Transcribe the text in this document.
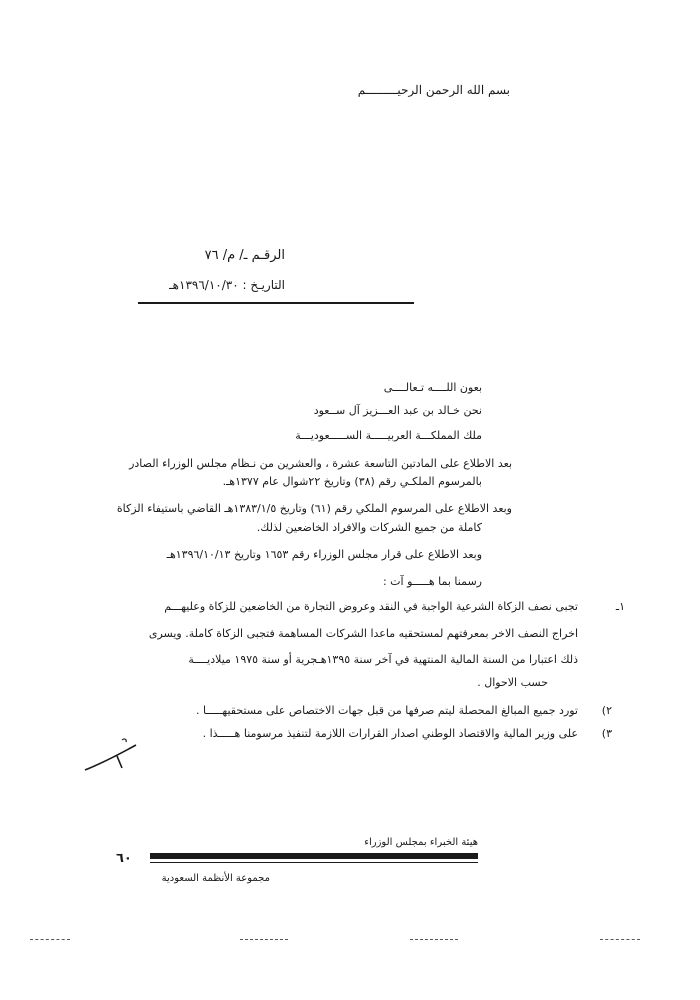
بسم الله الرحمن الرحيـــــــــم
الرقـم ـ/ م/ ٧٦
التاريـخ : ١٣٩٦/١٠/٣٠هـ
بعون اللــــه تـعالــــى
نحن خـالد بن عبد العـــزيز آل ســعود
ملك المملكـــة العربيـــــة الســـــعوديـــة
بعد الاطلاع على المادتين التاسعة عشرة ، والعشرين من نـظام مجلس الوزراء الصادر
بالمرسوم الملكـي رقم (٣٨) وتاريخ ٢٢شوال عام ١٣٧٧هـ.
وبعد الاطلاع على المرسوم الملكي رقم (٦١) وتاريخ ١٣٨٣/١/٥هـ القاضي باستيفاء الزكاة
كاملة من جميع الشركات والافراد الخاضعين لذلك.
وبعد الاطلاع على قرار مجلس الوزراء رقم ١٦٥٣ وتاريخ ١٣٩٦/١٠/١٣هـ
رسمنا بما هـــــو آت :
١ـ
تجبى نصف الزكاة الشرعية الواجبة في النقد وعروض التجارة من الخاضعين للزكاة وعليهـــم
اخراج النصف الاخر بمعرفتهم لمستحقيه ماعدا الشركات المساهمة فتجبى الزكاة كاملة. ويسرى
ذلك اعتبارا من السنة المالية المنتهية في آخر سنة ١٣٩٥هـجرية أو سنة ١٩٧٥ ميلاديــــة
حسب الاحوال .
٢)
تورد جميع المبالغ المحصلة ليتم صرفها من قبل جهات الاختصاص على مستحقيهـــــا .
٣)
على وزير المالية والاقتصاد الوطني اصدار القرارات اللازمة لتنفيذ مرسومنا هـــــذا .
هيئة الخبراء بمجلس الوزراء
٦٠
مجموعة الأنظمة السعودية
